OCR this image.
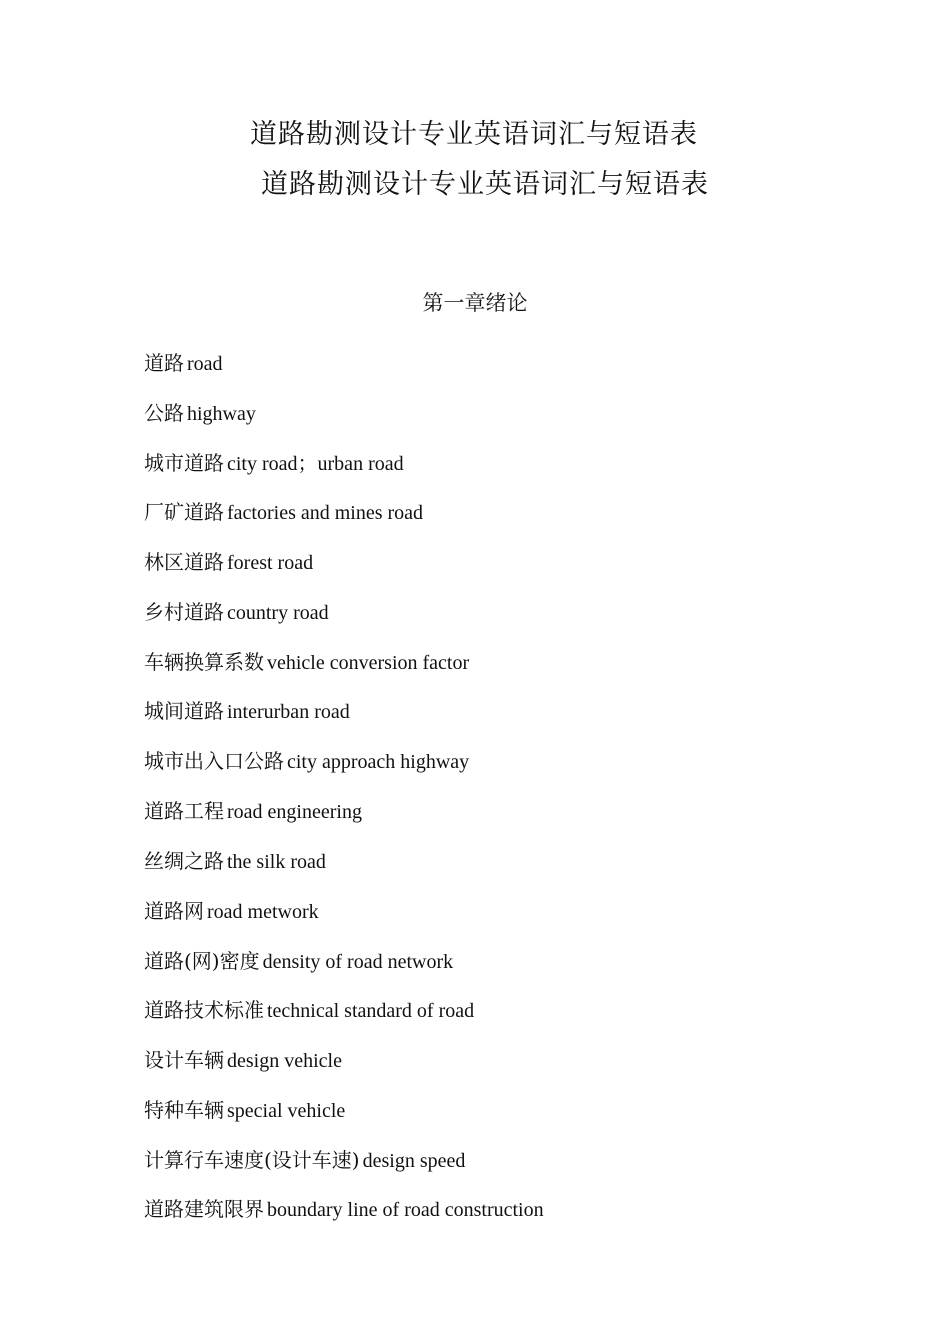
道路勘测设计专业英语词汇与短语表
道路勘测设计专业英语词汇与短语表
第一章绪论
道路 road
公路 highway
城市道路 city road；urban road
厂矿道路 factories and mines road
林区道路 forest road
乡村道路 country road
车辆换算系数 vehicle conversion factor
城间道路 interurban road
城市出入口公路 city approach highway
道路工程 road engineering
丝绸之路 the silk road
道路网 road metwork
道路(网)密度 density of road network
道路技术标准 technical standard of road
设计车辆 design vehicle
特种车辆 special vehicle
计算行车速度(设计车速) design speed
道路建筑限界 boundary line of road construction
